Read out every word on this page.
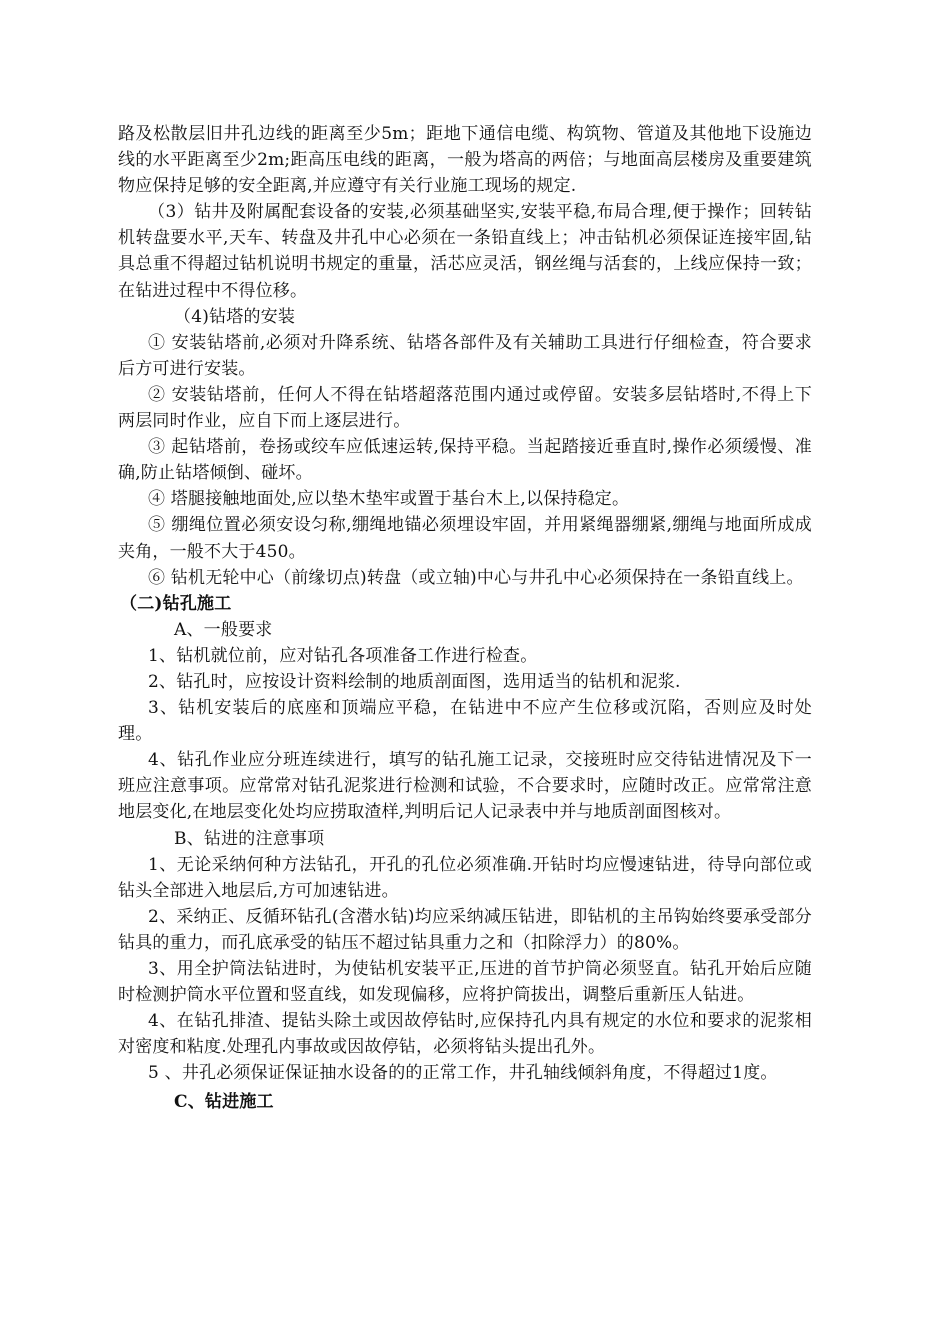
路及松散层旧井孔边线的距离至少5m；距地下通信电缆、构筑物、管道及其他地下设施边线的水平距离至少2m;距高压电线的距离，一般为塔高的两倍；与地面高层楼房及重要建筑物应保持足够的安全距离,并应遵守有关行业施工现场的规定.

（3）钻井及附属配套设备的安装,必须基础坚实,安装平稳,布局合理,便于操作；回转钻机转盘要水平,天车、转盘及井孔中心必须在一条铅直线上；冲击钻机必须保证连接牢固,钻具总重不得超过钻机说明书规定的重量，活芯应灵活，钢丝绳与活套的，上线应保持一致；在钻进过程中不得位移。

（4)钻塔的安装

① 安装钻塔前,必须对升降系统、钻塔各部件及有关辅助工具进行仔细检查，符合要求后方可进行安装。

② 安装钻塔前，任何人不得在钻塔超落范围内通过或停留。安装多层钻塔时,不得上下两层同时作业，应自下而上逐层进行。

③ 起钻塔前，卷扬或绞车应低速运转,保持平稳。当起踏接近垂直时,操作必须缓慢、准确,防止钻塔倾倒、碰坏。

④ 塔腿接触地面处,应以垫木垫牢或置于基台木上,以保持稳定。

⑤ 绷绳位置必须安设匀称,绷绳地锚必须埋设牢固，并用紧绳器绷紧,绷绳与地面所成成夹角，一般不大于450。

⑥ 钻机无轮中心（前缘切点)转盘（或立轴)中心与井孔中心必须保持在一条铅直线上。

（二)钻孔施工

A、一般要求

1、钻机就位前，应对钻孔各项准备工作进行检查。

2、钻孔时，应按设计资料绘制的地质剖面图，选用适当的钻机和泥浆.

3、钻机安装后的底座和顶端应平稳，在钻进中不应产生位移或沉陷，否则应及时处理。

4、钻孔作业应分班连续进行，填写的钻孔施工记录，交接班时应交待钻进情况及下一班应注意事项。应常常对钻孔泥浆进行检测和试验，不合要求时，应随时改正。应常常注意地层变化,在地层变化处均应捞取渣样,判明后记人记录表中并与地质剖面图核对。

B、钻进的注意事项

1、无论采纳何种方法钻孔，开孔的孔位必须准确.开钻时均应慢速钻进，待导向部位或钻头全部进入地层后,方可加速钻进。

2、采纳正、反循环钻孔(含潜水钻)均应采纳减压钻进，即钻机的主吊钩始终要承受部分钻具的重力，而孔底承受的钻压不超过钻具重力之和（扣除浮力）的80%。

3、用全护筒法钻进时，为使钻机安装平正,压进的首节护筒必须竖直。钻孔开始后应随时检测护筒水平位置和竖直线，如发现偏移，应将护筒拔出，调整后重新压人钻进。

4、在钻孔排渣、提钻头除土或因故停钻时,应保持孔内具有规定的水位和要求的泥浆相对密度和粘度.处理孔内事故或因故停钻，必须将钻头提出孔外。

5 、井孔必须保证保证抽水设备的的正常工作，井孔轴线倾斜角度，不得超过1度。

C、钻进施工
